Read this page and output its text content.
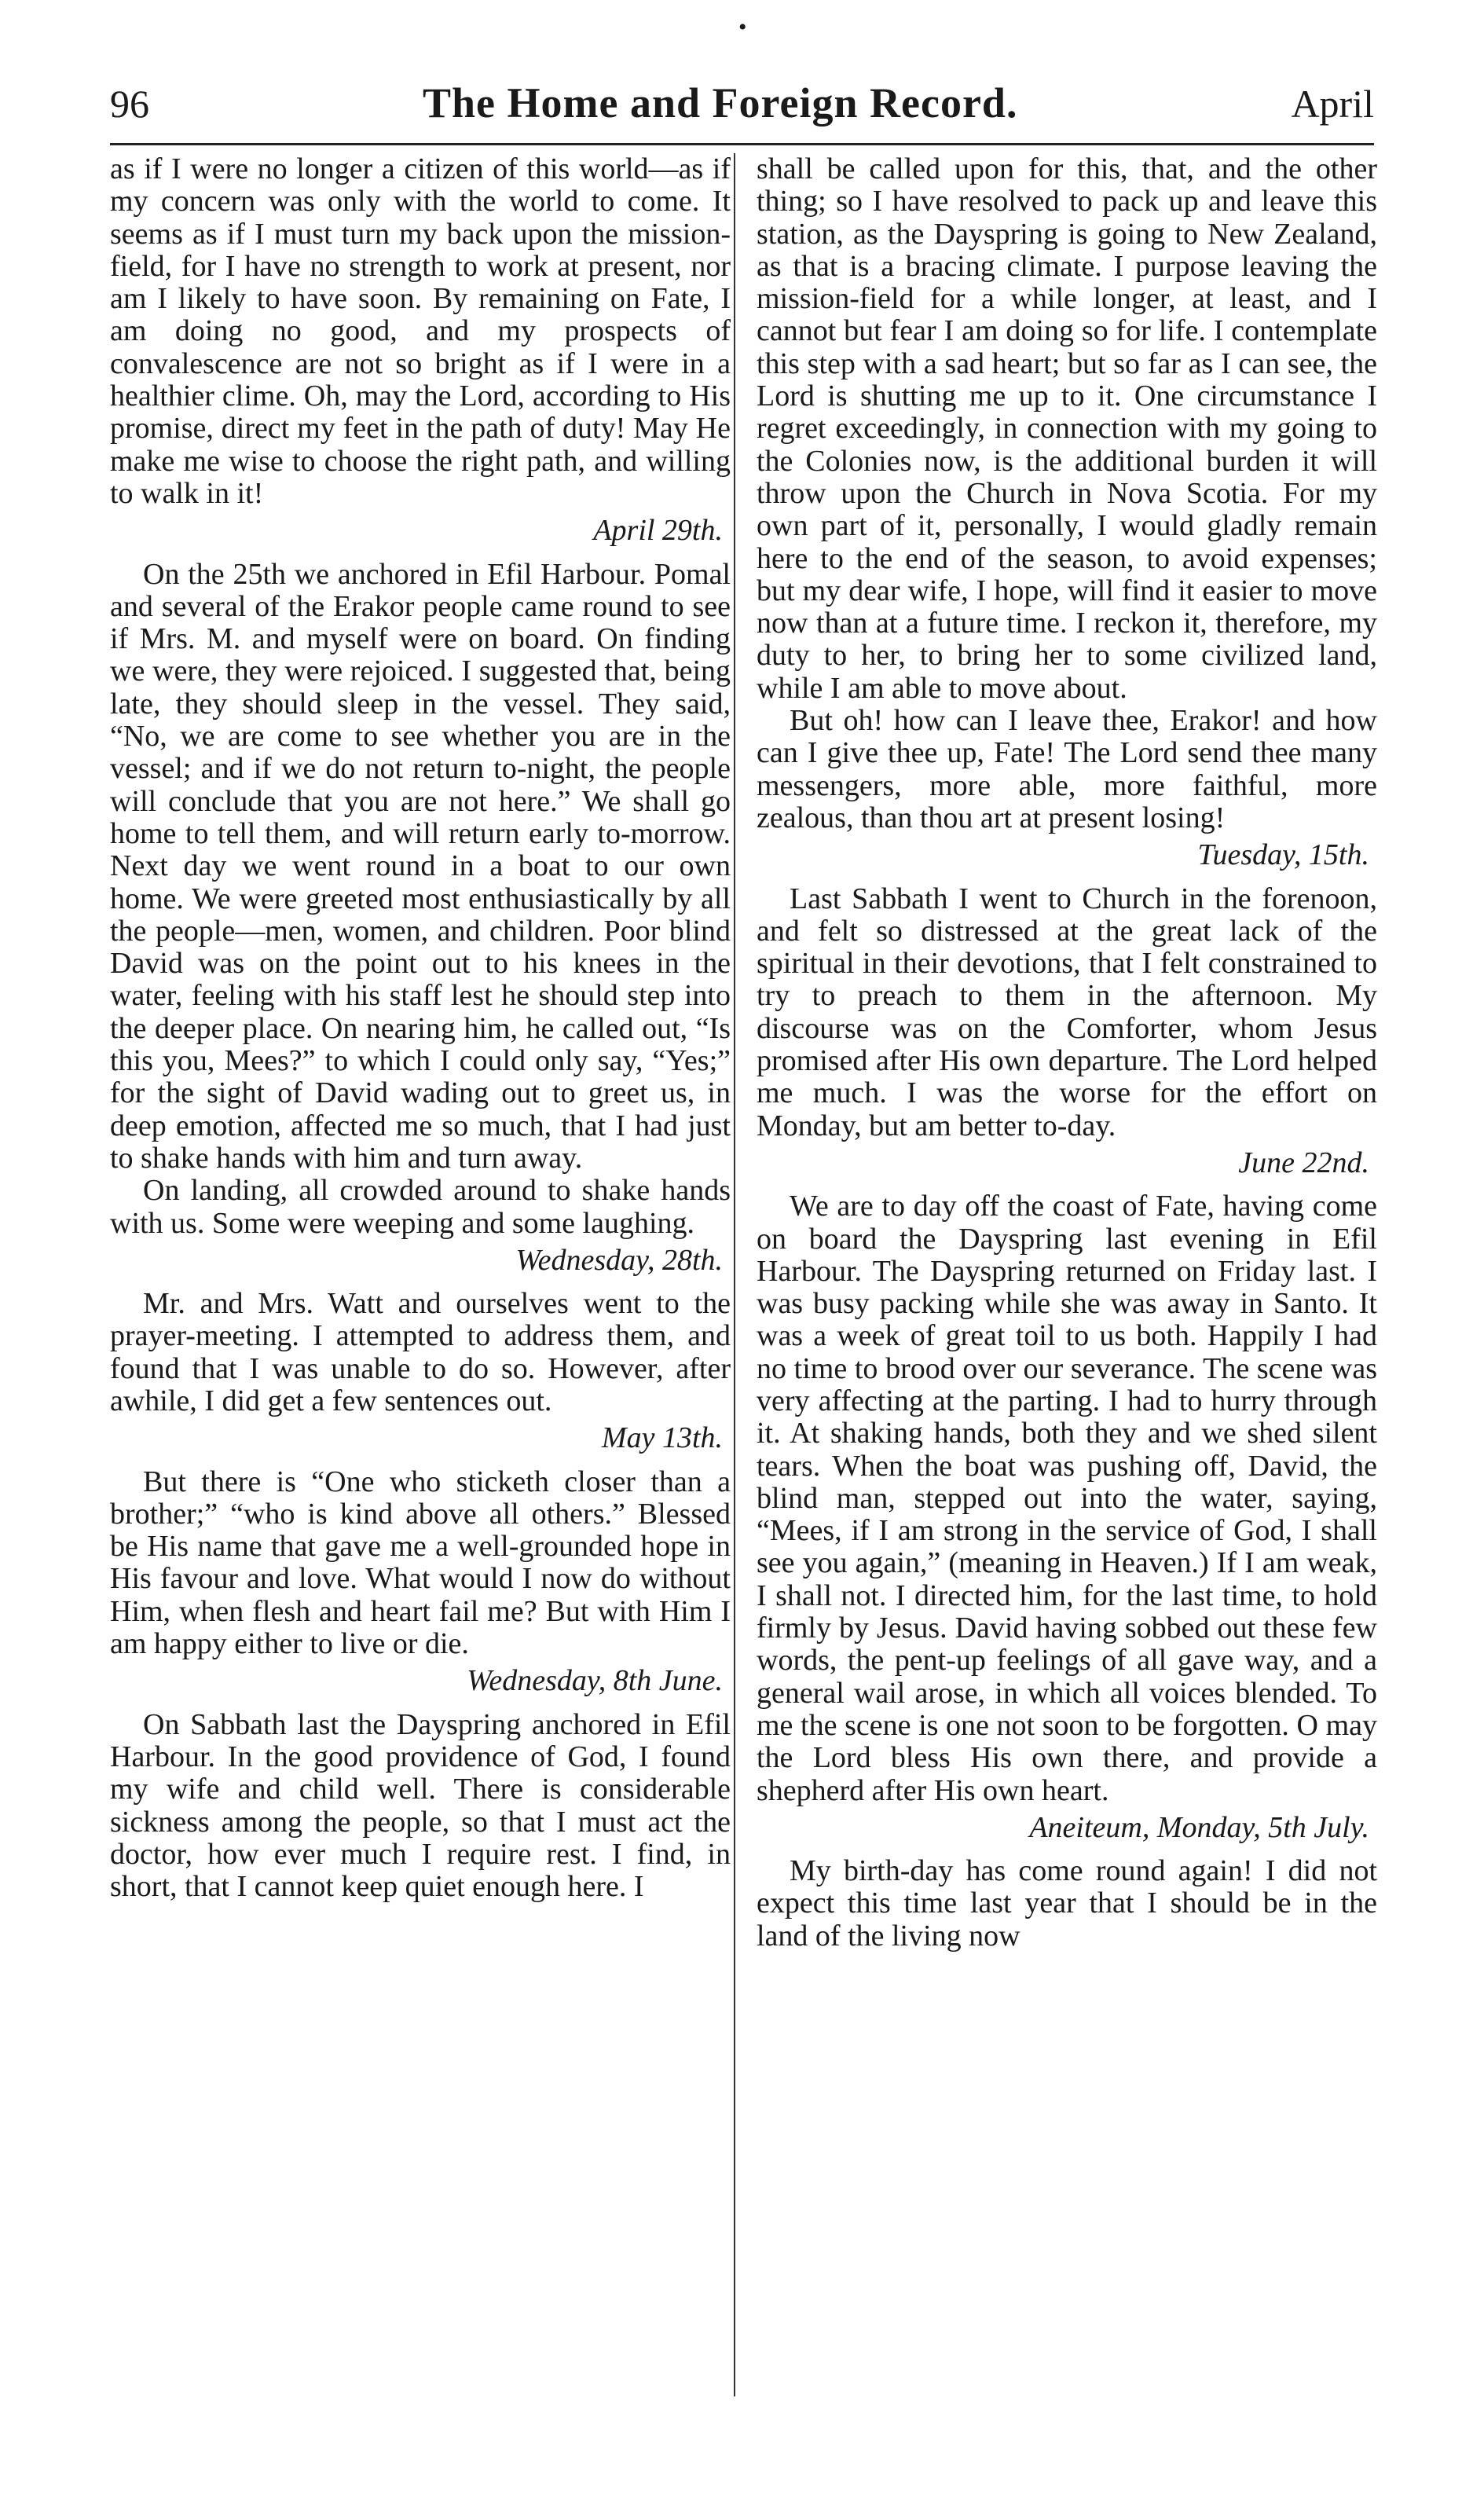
•
96	The Home and Foreign Record.	April

as if I were no longer a citizen of this world—as if my concern was only with the world to come. It seems as if I must turn my back upon the mission-field, for I have no strength to work at present, nor am I likely to have soon. By remaining on Fate, I am doing no good, and my prospects of convalescence are not so bright as if I were in a healthier clime. Oh, may the Lord, according to His promise, direct my feet in the path of duty! May He make me wise to choose the right path, and willing to walk in it!

April 29th.

On the 25th we anchored in Efil Harbour. Pomal and several of the Erakor people came round to see if Mrs. M. and myself were on board. On finding we were, they were rejoiced. I suggested that, being late, they should sleep in the vessel. They said, “No, we are come to see whether you are in the vessel; and if we do not return to-night, the people will conclude that you are not here.” We shall go home to tell them, and will return early to-morrow. Next day we went round in a boat to our own home. We were greeted most enthusiastically by all the people—men, women, and children. Poor blind David was on the point out to his knees in the water, feeling with his staff lest he should step into the deeper place. On nearing him, he called out, “Is this you, Mees?” to which I could only say, “Yes;” for the sight of David wading out to greet us, in deep emotion, affected me so much, that I had just to shake hands with him and turn away.

On landing, all crowded around to shake hands with us. Some were weeping and some laughing.

Wednesday, 28th.

Mr. and Mrs. Watt and ourselves went to the prayer-meeting. I attempted to address them, and found that I was unable to do so. However, after awhile, I did get a few sentences out.

May 13th.

But there is “One who sticketh closer than a brother;” “who is kind above all others.” Blessed be His name that gave me a well-grounded hope in His favour and love. What would I now do without Him, when flesh and heart fail me? But with Him I am happy either to live or die.

Wednesday, 8th June.

On Sabbath last the Dayspring anchored in Efil Harbour. In the good providence of God, I found my wife and child well. There is considerable sickness among the people, so that I must act the doctor, how ever much I require rest. I find, in short, that I cannot keep quiet enough here. I

shall be called upon for this, that, and the other thing; so I have resolved to pack up and leave this station, as the Dayspring is going to New Zealand, as that is a bracing climate. I purpose leaving the mission-field for a while longer, at least, and I cannot but fear I am doing so for life. I contemplate this step with a sad heart; but so far as I can see, the Lord is shutting me up to it. One circumstance I regret exceedingly, in connection with my going to the Colonies now, is the additional burden it will throw upon the Church in Nova Scotia. For my own part of it, personally, I would gladly remain here to the end of the season, to avoid expenses; but my dear wife, I hope, will find it easier to move now than at a future time. I reckon it, therefore, my duty to her, to bring her to some civilized land, while I am able to move about.

But oh! how can I leave thee, Erakor! and how can I give thee up, Fate! The Lord send thee many messengers, more able, more faithful, more zealous, than thou art at present losing!

Tuesday, 15th.

Last Sabbath I went to Church in the forenoon, and felt so distressed at the great lack of the spiritual in their devotions, that I felt constrained to try to preach to them in the afternoon. My discourse was on the Comforter, whom Jesus promised after His own departure. The Lord helped me much. I was the worse for the effort on Monday, but am better to-day.

June 22nd.

We are to day off the coast of Fate, having come on board the Dayspring last evening in Efil Harbour. The Dayspring returned on Friday last. I was busy packing while she was away in Santo. It was a week of great toil to us both. Happily I had no time to brood over our severance. The scene was very affecting at the parting. I had to hurry through it. At shaking hands, both they and we shed silent tears. When the boat was pushing off, David, the blind man, stepped out into the water, saying, “Mees, if I am strong in the service of God, I shall see you again,” (meaning in Heaven.) If I am weak, I shall not. I directed him, for the last time, to hold firmly by Jesus. David having sobbed out these few words, the pent-up feelings of all gave way, and a general wail arose, in which all voices blended. To me the scene is one not soon to be forgotten. O may the Lord bless His own there, and provide a shepherd after His own heart.

Aneiteum, Monday, 5th July.

My birth-day has come round again! I did not expect this time last year that I should be in the land of the living now
